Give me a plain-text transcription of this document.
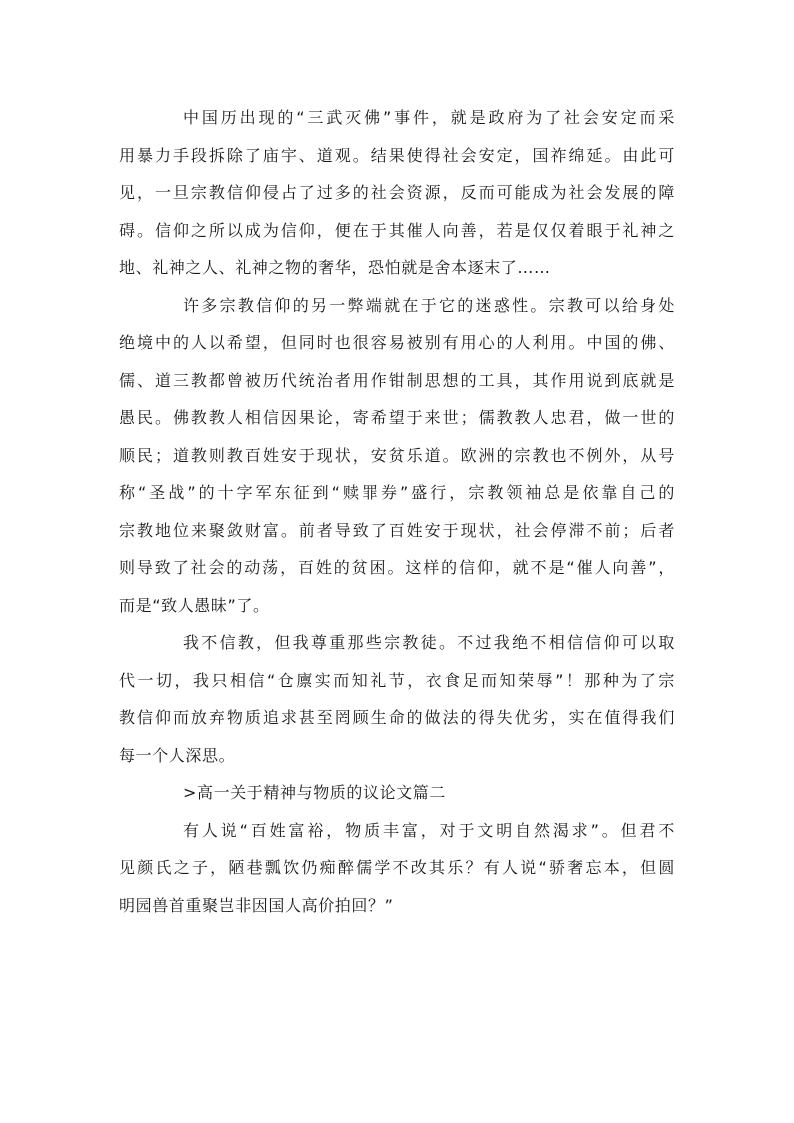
中国历出现的“三武灭佛”事件，就是政府为了社会安定而采
用暴力手段拆除了庙宇、道观。结果使得社会安定，国祚绵延。由此可
见，一旦宗教信仰侵占了过多的社会资源，反而可能成为社会发展的障
碍。信仰之所以成为信仰，便在于其催人向善，若是仅仅着眼于礼神之
地、礼神之人、礼神之物的奢华，恐怕就是舍本逐末了……
许多宗教信仰的另一弊端就在于它的迷惑性。宗教可以给身处
绝境中的人以希望，但同时也很容易被别有用心的人利用。中国的佛、
儒、道三教都曾被历代统治者用作钳制思想的工具，其作用说到底就是
愚民。佛教教人相信因果论，寄希望于来世；儒教教人忠君，做一世的
顺民；道教则教百姓安于现状，安贫乐道。欧洲的宗教也不例外，从号
称“圣战”的十字军东征到“赎罪券”盛行，宗教领袖总是依靠自己的
宗教地位来聚敛财富。前者导致了百姓安于现状，社会停滞不前；后者
则导致了社会的动荡，百姓的贫困。这样的信仰，就不是“催人向善”，
而是“致人愚昧”了。
我不信教，但我尊重那些宗教徒。不过我绝不相信信仰可以取
代一切，我只相信“仓廪实而知礼节，衣食足而知荣辱”！那种为了宗
教信仰而放弃物质追求甚至罔顾生命的做法的得失优劣，实在值得我们
每一个人深思。
>高一关于精神与物质的议论文篇二
有人说“百姓富裕，物质丰富，对于文明自然渴求”。但君不
见颜氏之子，陋巷瓢饮仍痴醉儒学不改其乐？有人说“骄奢忘本，但圆
明园兽首重聚岂非因国人高价拍回？”
